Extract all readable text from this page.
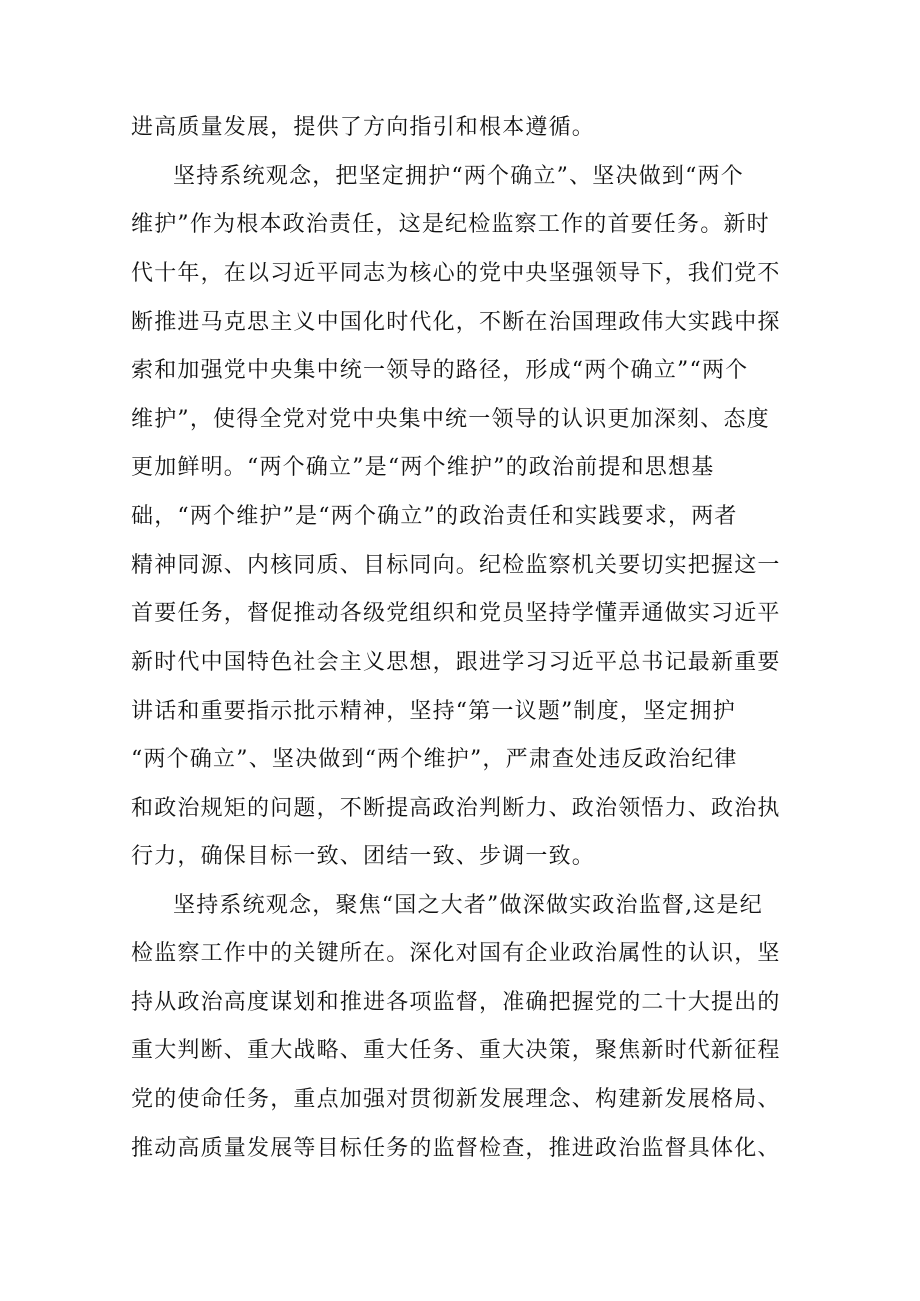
进高质量发展，提供了方向指引和根本遵循。
坚持系统观念，把坚定拥护“两个确立”、坚决做到“两个
维护”作为根本政治责任，这是纪检监察工作的首要任务。新时
代十年，在以习近平同志为核心的党中央坚强领导下，我们党不
断推进马克思主义中国化时代化，不断在治国理政伟大实践中探
索和加强党中央集中统一领导的路径，形成“两个确立”“两个
维护”，使得全党对党中央集中统一领导的认识更加深刻、态度
更加鲜明。“两个确立”是“两个维护”的政治前提和思想基
础，“两个维护”是“两个确立”的政治责任和实践要求，两者
精神同源、内核同质、目标同向。纪检监察机关要切实把握这一
首要任务，督促推动各级党组织和党员坚持学懂弄通做实习近平
新时代中国特色社会主义思想，跟进学习习近平总书记最新重要
讲话和重要指示批示精神，坚持“第一议题”制度，坚定拥护
“两个确立”、坚决做到“两个维护”，严肃查处违反政治纪律
和政治规矩的问题，不断提高政治判断力、政治领悟力、政治执
行力，确保目标一致、团结一致、步调一致。
坚持系统观念，聚焦“国之大者”做深做实政治监督,这是纪
检监察工作中的关键所在。深化对国有企业政治属性的认识，坚
持从政治高度谋划和推进各项监督，准确把握党的二十大提出的
重大判断、重大战略、重大任务、重大决策，聚焦新时代新征程
党的使命任务，重点加强对贯彻新发展理念、构建新发展格局、
推动高质量发展等目标任务的监督检查，推进政治监督具体化、
